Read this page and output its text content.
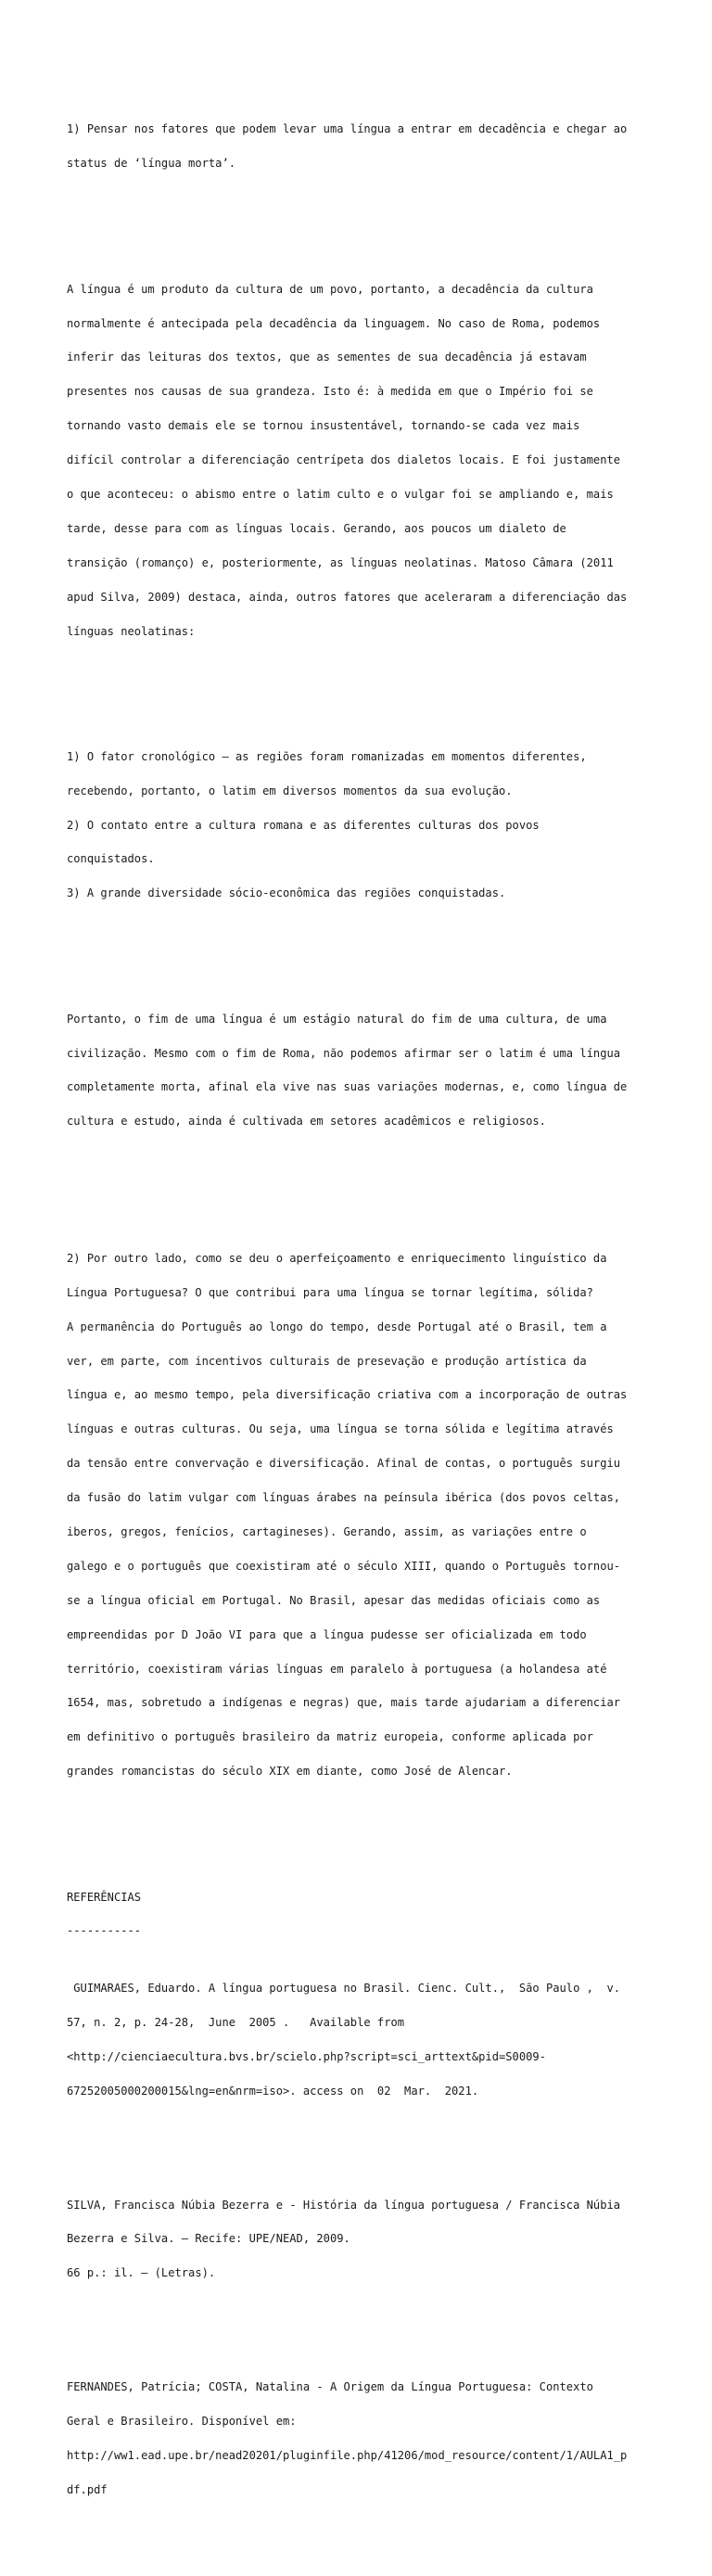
1) Pensar nos fatores que podem levar uma língua a entrar em decadência e chegar ao

status de ‘língua morta’.

A língua é um produto da cultura de um povo, portanto, a decadência da cultura

normalmente é antecipada pela decadência da linguagem. No caso de Roma, podemos

inferir das leituras dos textos, que as sementes de sua decadência já estavam

presentes nos causas de sua grandeza. Isto é: à medida em que o Império foi se

tornando vasto demais ele se tornou insustentável, tornando-se cada vez mais

difícil controlar a diferenciação centrípeta dos dialetos locais. E foi justamente

o que aconteceu: o abismo entre o latim culto e o vulgar foi se ampliando e, mais

tarde, desse para com as línguas locais. Gerando, aos poucos um dialeto de

transição (romanço) e, posteriormente, as línguas neolatinas. Matoso Câmara (2011

apud Silva, 2009) destaca, ainda, outros fatores que aceleraram a diferenciação das

línguas neolatinas:

1) O fator cronológico – as regiões foram romanizadas em momentos diferentes,

recebendo, portanto, o latim em diversos momentos da sua evolução.

2) O contato entre a cultura romana e as diferentes culturas dos povos

conquistados.

3) A grande diversidade sócio-econômica das regiões conquistadas.

Portanto, o fim de uma língua é um estágio natural do fim de uma cultura, de uma

civilização. Mesmo com o fim de Roma, não podemos afirmar ser o latim é uma língua

completamente morta, afinal ela vive nas suas variações modernas, e, como língua de

cultura e estudo, ainda é cultivada em setores acadêmicos e religiosos.

2) Por outro lado, como se deu o aperfeiçoamento e enriquecimento linguístico da

Língua Portuguesa? O que contribui para uma língua se tornar legítima, sólida?

A permanência do Português ao longo do tempo, desde Portugal até o Brasil, tem a

ver, em parte, com incentivos culturais de presevação e produção artística da

língua e, ao mesmo tempo, pela diversificação criativa com a incorporação de outras

línguas e outras culturas. Ou seja, uma língua se torna sólida e legítima através

da tensão entre convervação e diversificação. Afinal de contas, o português surgiu

da fusão do latim vulgar com línguas árabes na peínsula ibérica (dos povos celtas,

iberos, gregos, fenícios, cartagineses). Gerando, assim, as variações entre o

galego e o português que coexistiram até o século XIII, quando o Português tornou-

se a língua oficial em Portugal. No Brasil, apesar das medidas oficiais como as

empreendidas por D João VI para que a língua pudesse ser oficializada em todo

território, coexistiram várias línguas em paralelo à portuguesa (a holandesa até

1654, mas, sobretudo a indígenas e negras) que, mais tarde ajudariam a diferenciar

em definitivo o português brasileiro da matriz europeia, conforme aplicada por

grandes romancistas do século XIX em diante, como José de Alencar.

REFERÊNCIAS

-----------

GUIMARAES, Eduardo. A língua portuguesa no Brasil. Cienc. Cult.,  São Paulo ,  v.

57, n. 2, p. 24-28,  June  2005 .   Available from

<http://cienciaecultura.bvs.br/scielo.php?script=sci_arttext&pid=S0009-

67252005000200015&lng=en&nrm=iso>. access on  02  Mar.  2021.

SILVA, Francisca Núbia Bezerra e - História da língua portuguesa / Francisca Núbia

Bezerra e Silva. – Recife: UPE/NEAD, 2009.

66 p.: il. – (Letras).

FERNANDES, Patrícia; COSTA, Natalina - A Origem da Língua Portuguesa: Contexto

Geral e Brasileiro. Disponível em:

http://ww1.ead.upe.br/nead20201/pluginfile.php/41206/mod_resource/content/1/AULA1_p

df.pdf
